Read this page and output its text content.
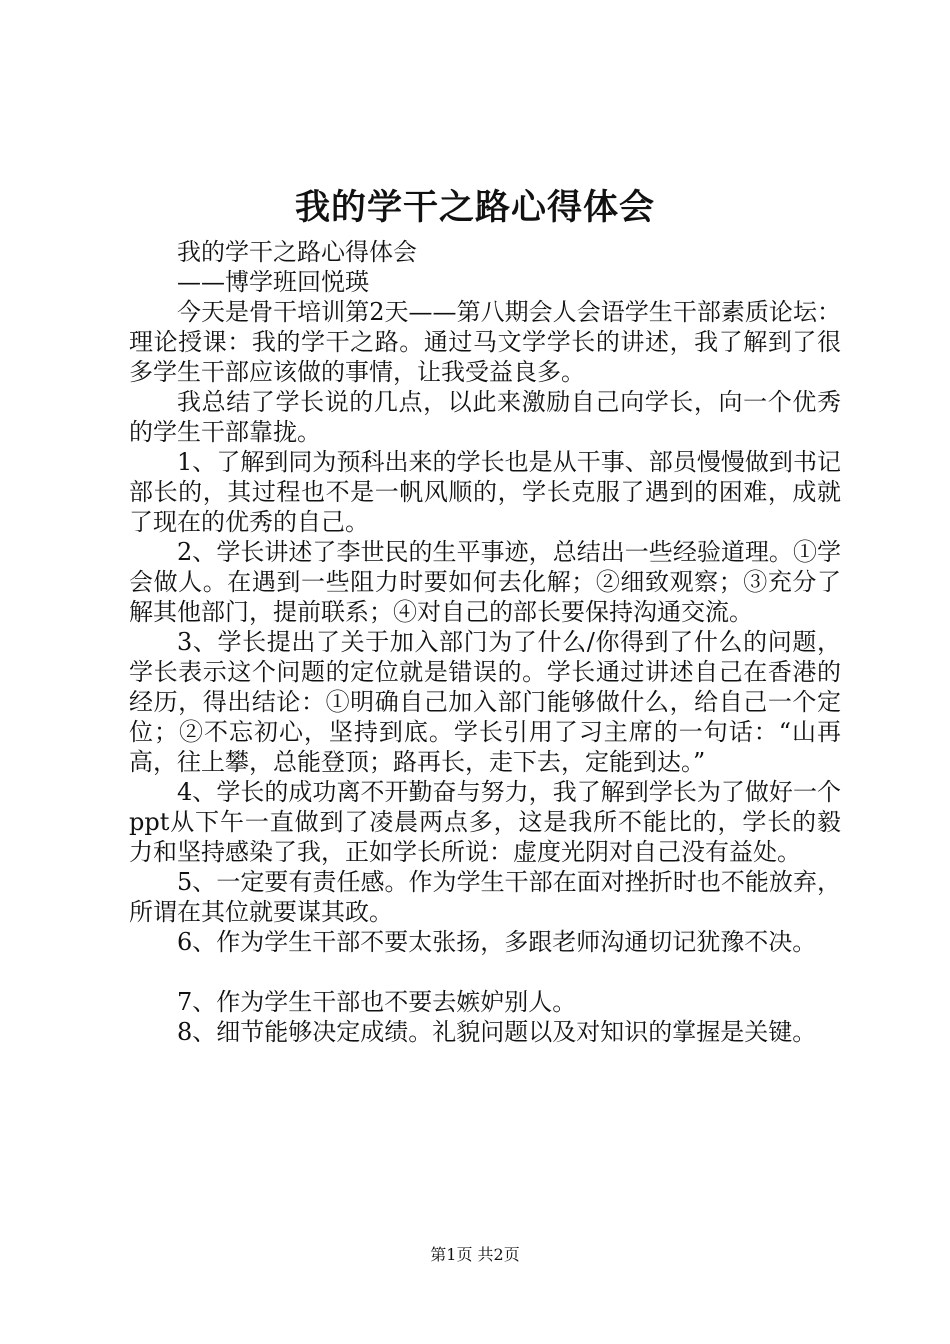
我的学干之路心得体会

我的学干之路心得体会

——博学班回悦瑛

今天是骨干培训第2天——第八期会人会语学生干部素质论坛：理论授课：我的学干之路。通过马文学学长的讲述，我了解到了很多学生干部应该做的事情，让我受益良多。

我总结了学长说的几点，以此来激励自己向学长，向一个优秀的学生干部靠拢。

1、了解到同为预科出来的学长也是从干事、部员慢慢做到书记部长的，其过程也不是一帆风顺的，学长克服了遇到的困难，成就了现在的优秀的自己。

2、学长讲述了李世民的生平事迹，总结出一些经验道理。①学会做人。在遇到一些阻力时要如何去化解；②细致观察；③充分了解其他部门，提前联系；④对自己的部长要保持沟通交流。

3、学长提出了关于加入部门为了什么/你得到了什么的问题，学长表示这个问题的定位就是错误的。学长通过讲述自己在香港的经历，得出结论：①明确自己加入部门能够做什么，给自己一个定位；②不忘初心，坚持到底。学长引用了习主席的一句话：“山再高，往上攀，总能登顶；路再长，走下去，定能到达。”

4、学长的成功离不开勤奋与努力，我了解到学长为了做好一个ppt从下午一直做到了凌晨两点多，这是我所不能比的，学长的毅力和坚持感染了我，正如学长所说：虚度光阴对自己没有益处。

5、一定要有责任感。作为学生干部在面对挫折时也不能放弃，所谓在其位就要谋其政。

6、作为学生干部不要太张扬，多跟老师沟通切记犹豫不决。

7、作为学生干部也不要去嫉妒别人。

8、细节能够决定成绩。礼貌问题以及对知识的掌握是关键。

第1页 共2页
